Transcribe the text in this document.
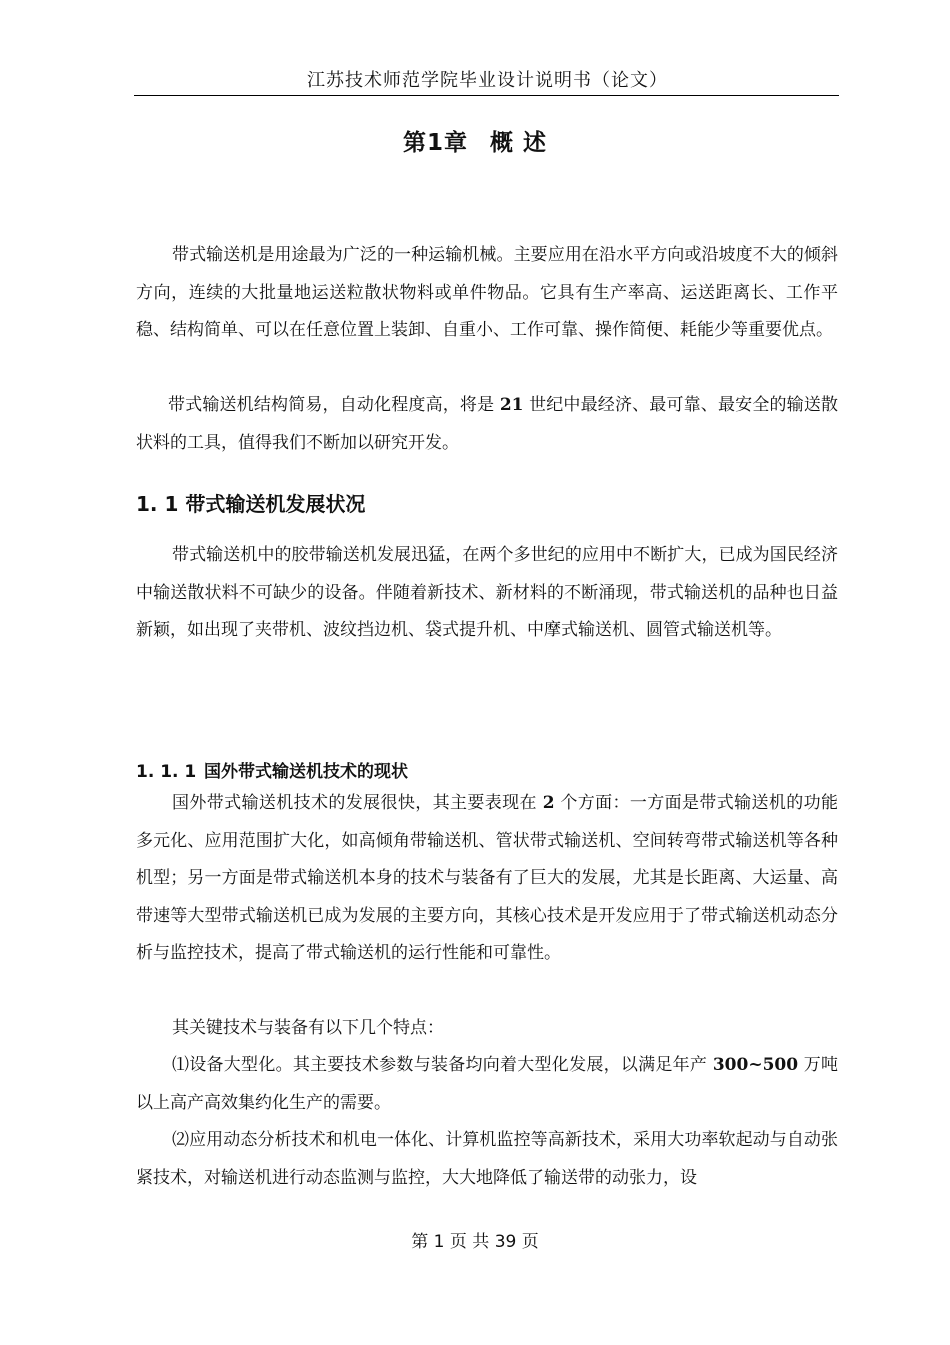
江苏技术师范学院毕业设计说明书（论文）
第1章 概 述

带式输送机是用途最为广泛的一种运输机械。主要应用在沿水平方向或沿坡度不大的倾斜方向，连续的大批量地运送粒散状物料或单件物品。它具有生产率高、运送距离长、工作平稳、结构简单、可以在任意位置上装卸、自重小、工作可靠、操作简便、耗能少等重要优点。

带式输送机结构简易，自动化程度高，将是 21 世纪中最经济、最可靠、最安全的输送散状料的工具，值得我们不断加以研究开发。

1. 1 带式输送机发展状况

带式输送机中的胶带输送机发展迅猛，在两个多世纪的应用中不断扩大，已成为国民经济中输送散状料不可缺少的设备。伴随着新技术、新材料的不断涌现，带式输送机的品种也日益新颖，如出现了夹带机、波纹挡边机、袋式提升机、中摩式输送机、圆管式输送机等。

1. 1. 1 国外带式输送机技术的现状

国外带式输送机技术的发展很快，其主要表现在 2 个方面：一方面是带式输送机的功能多元化、应用范围扩大化，如高倾角带输送机、管状带式输送机、空间转弯带式输送机等各种机型；另一方面是带式输送机本身的技术与装备有了巨大的发展，尤其是长距离、大运量、高带速等大型带式输送机已成为发展的主要方向，其核心技术是开发应用于了带式输送机动态分析与监控技术，提高了带式输送机的运行性能和可靠性。

其关键技术与装备有以下几个特点：

⑴设备大型化。其主要技术参数与装备均向着大型化发展，以满足年产 300~500 万吨以上高产高效集约化生产的需要。

⑵应用动态分析技术和机电一体化、计算机监控等高新技术，采用大功率软起动与自动张紧技术，对输送机进行动态监测与监控，大大地降低了输送带的动张力，设

第 1 页 共 39 页
